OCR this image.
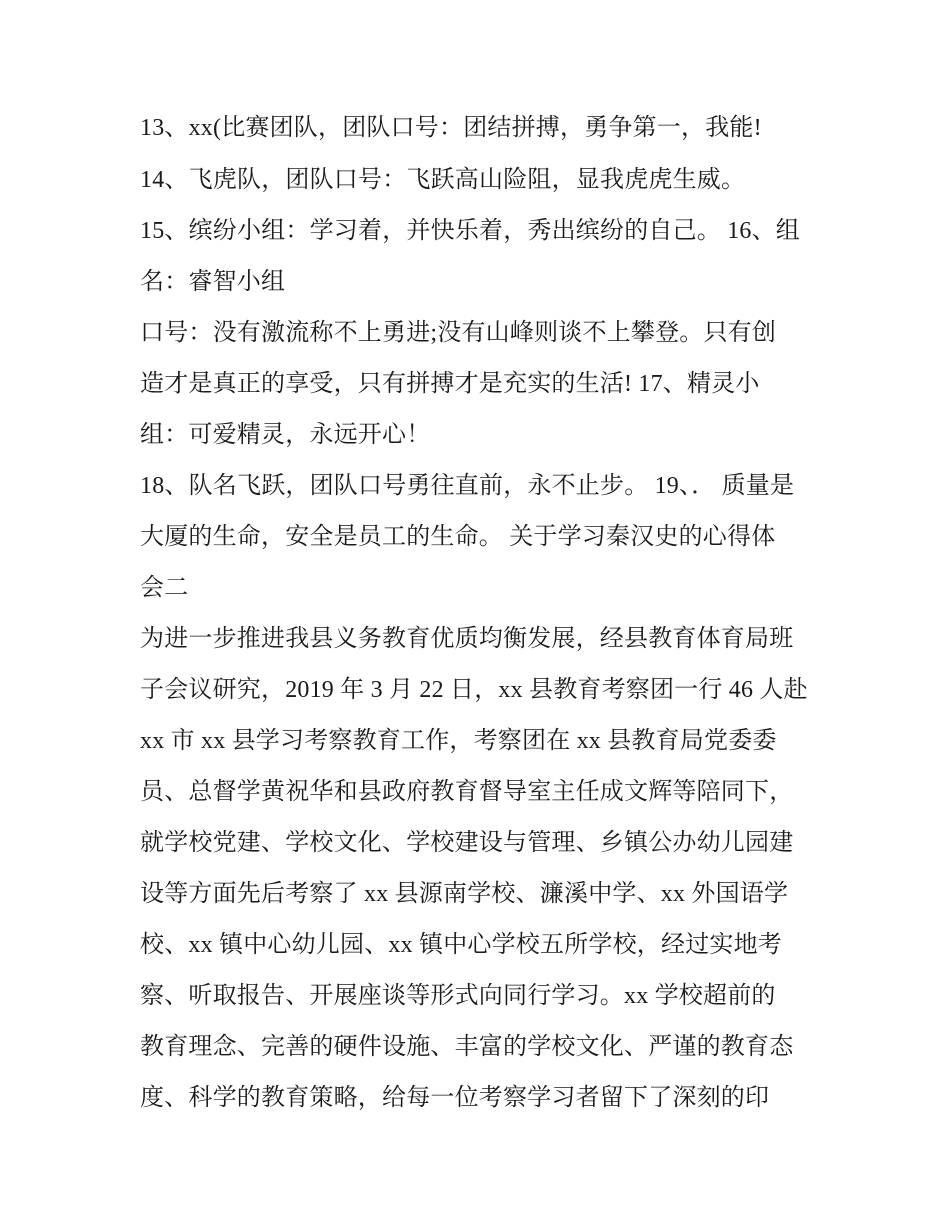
13、xx(比赛团队，团队口号：团结拼搏，勇争第一，我能!
14、飞虎队，团队口号：飞跃高山险阻，显我虎虎生威。
15、缤纷小组：学习着，并快乐着，秀出缤纷的自己。 16、组
名：睿智小组
口号：没有激流称不上勇进;没有山峰则谈不上攀登。只有创
造才是真正的享受，只有拼搏才是充实的生活! 17、精灵小
组：可爱精灵，永远开心！
18、队名飞跃，团队口号勇往直前，永不止步。 19、． 质量是
大厦的生命，安全是员工的生命。 关于学习秦汉史的心得体
会二
为进一步推进我县义务教育优质均衡发展，经县教育体育局班
子会议研究，2019 年 3 月 22 日，xx 县教育考察团一行 46 人赴
xx 市 xx 县学习考察教育工作，考察团在 xx 县教育局党委委
员、总督学黄祝华和县政府教育督导室主任成文辉等陪同下，
就学校党建、学校文化、学校建设与管理、乡镇公办幼儿园建
设等方面先后考察了 xx 县源南学校、濂溪中学、xx 外国语学
校、xx 镇中心幼儿园、xx 镇中心学校五所学校，经过实地考
察、听取报告、开展座谈等形式向同行学习。xx 学校超前的
教育理念、完善的硬件设施、丰富的学校文化、严谨的教育态
度、科学的教育策略，给每一位考察学习者留下了深刻的印
